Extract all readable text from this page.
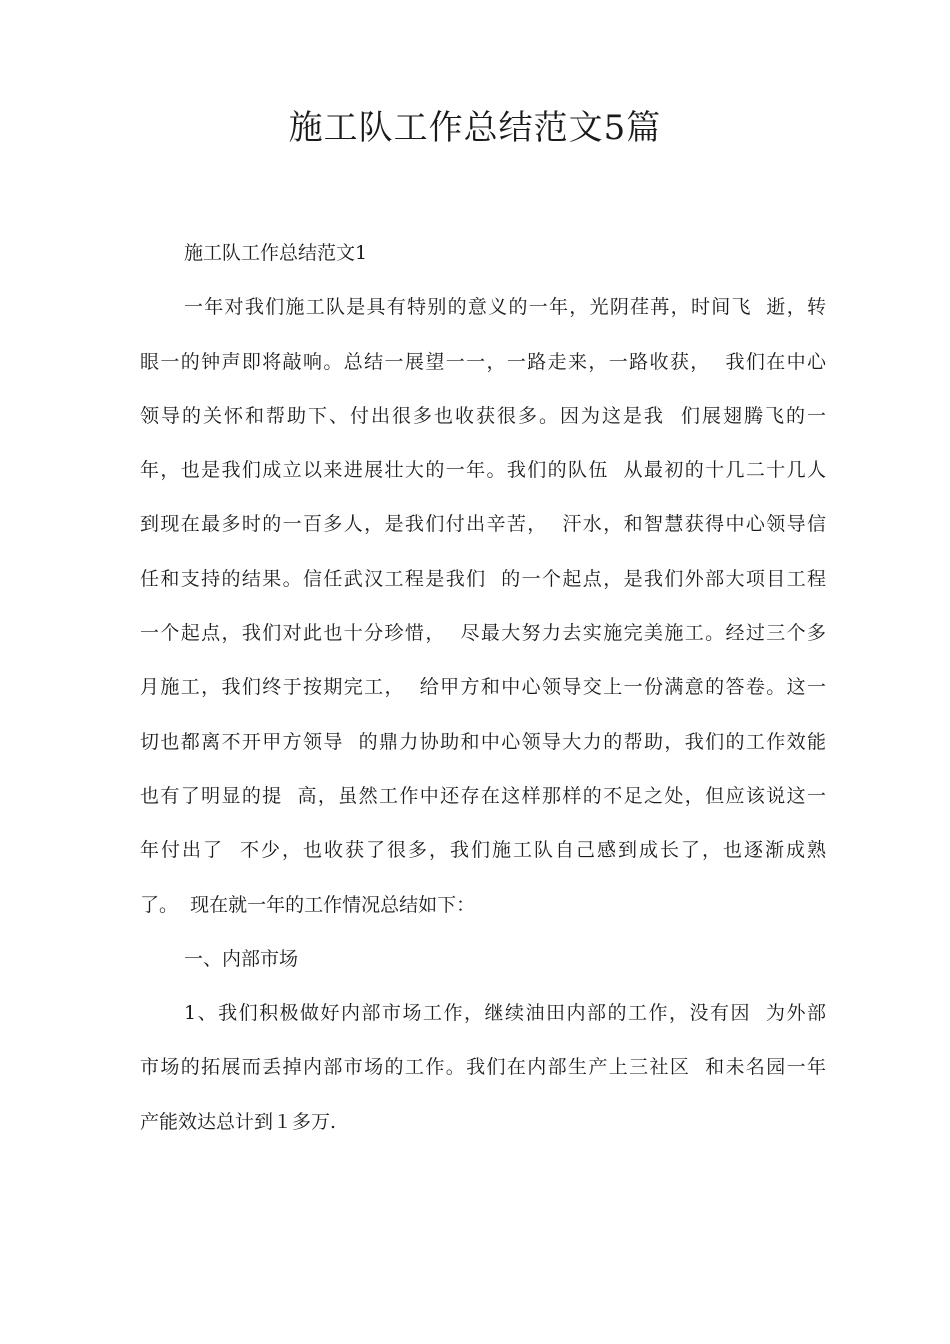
施工队工作总结范文5篇

施工队工作总结范文1

一年对我们施工队是具有特别的意义的一年，光阴荏苒，时间飞  逝，转
眼一的钟声即将敲响。总结一展望一一，一路走来，一路收获，  我们在中心
领导的关怀和帮助下、付出很多也收获很多。因为这是我  们展翅腾飞的一
年，也是我们成立以来进展壮大的一年。我们的队伍  从最初的十几二十几人
到现在最多时的一百多人，是我们付出辛苦，  汗水，和智慧获得中心领导信
任和支持的结果。信任武汉工程是我们  的一个起点，是我们外部大项目工程
一个起点，我们对此也十分珍惜，  尽最大努力去实施完美施工。经过三个多
月施工，我们终于按期完工，  给甲方和中心领导交上一份满意的答卷。这一
切也都离不开甲方领导  的鼎力协助和中心领导大力的帮助，我们的工作效能
也有了明显的提  高，虽然工作中还存在这样那样的不足之处，但应该说这一
年付出了  不少，也收获了很多，我们施工队自己感到成长了，也逐渐成熟
了。  现在就一年的工作情况总结如下：

一、内部市场

1、我们积极做好内部市场工作，继续油田内部的工作，没有因  为外部
市场的拓展而丢掉内部市场的工作。我们在内部生产上三社区  和未名园一年
产能效达总计到１多万.
